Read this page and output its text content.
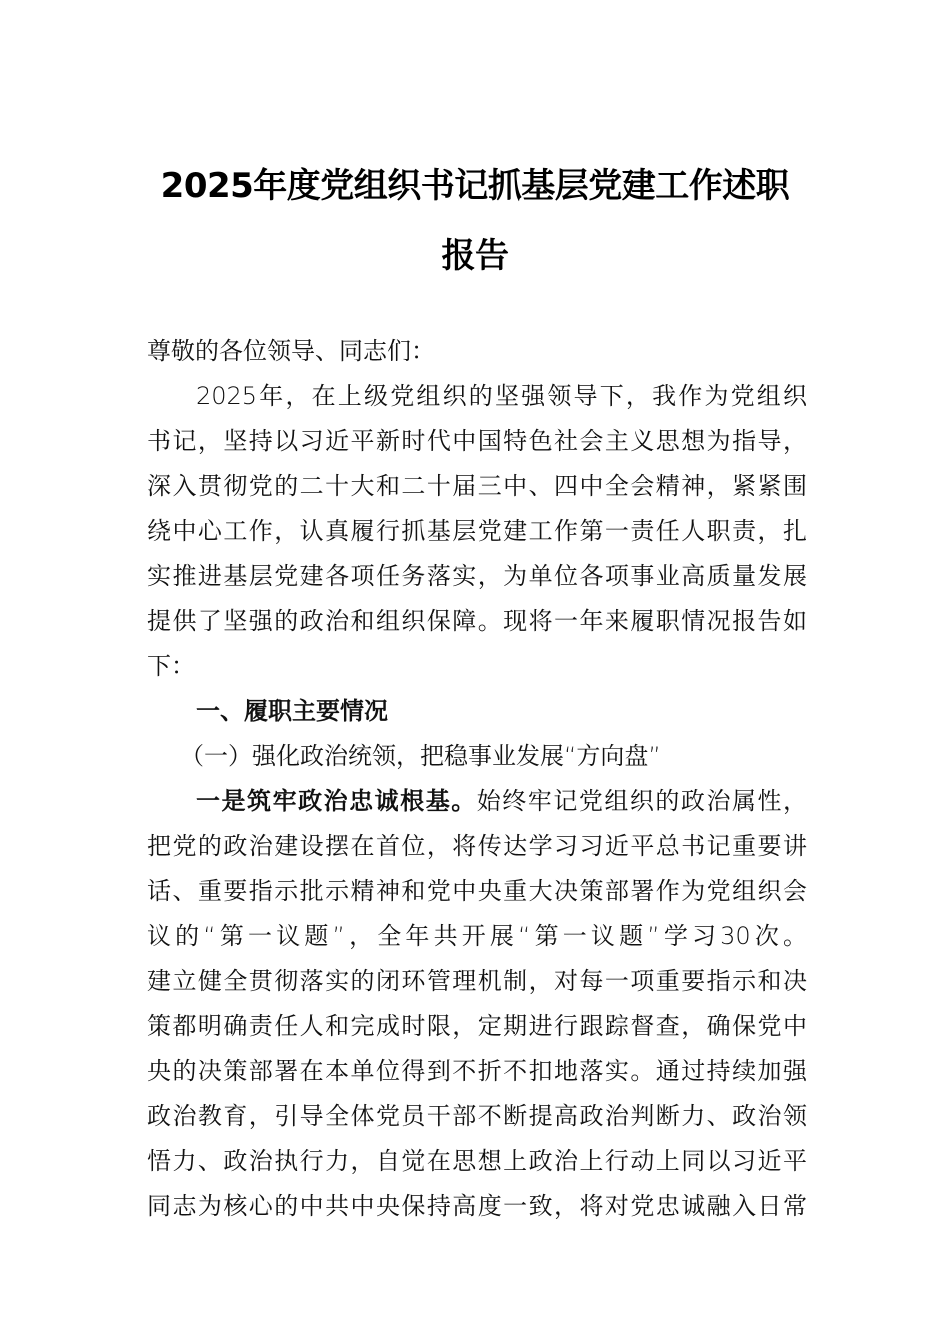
2025年度党组织书记抓基层党建工作述职
报告
尊敬的各位领导、同志们：
2025年，在上级党组织的坚强领导下，我作为党组织
书记，坚持以习近平新时代中国特色社会主义思想为指导，
深入贯彻党的二十大和二十届三中、四中全会精神，紧紧围
绕中心工作，认真履行抓基层党建工作第一责任人职责，扎
实推进基层党建各项任务落实，为单位各项事业高质量发展
提供了坚强的政治和组织保障。现将一年来履职情况报告如
下：
一、履职主要情况
（一）强化政治统领，把稳事业发展“方向盘”
一是筑牢政治忠诚根基。始终牢记党组织的政治属性，
把党的政治建设摆在首位，将传达学习习近平总书记重要讲
话、重要指示批示精神和党中央重大决策部署作为党组织会
议的“第一议题”，全年共开展“第一议题”学习30次。
建立健全贯彻落实的闭环管理机制，对每一项重要指示和决
策都明确责任人和完成时限，定期进行跟踪督查，确保党中
央的决策部署在本单位得到不折不扣地落实。通过持续加强
政治教育，引导全体党员干部不断提高政治判断力、政治领
悟力、政治执行力，自觉在思想上政治上行动上同以习近平
同志为核心的中共中央保持高度一致，将对党忠诚融入日常
